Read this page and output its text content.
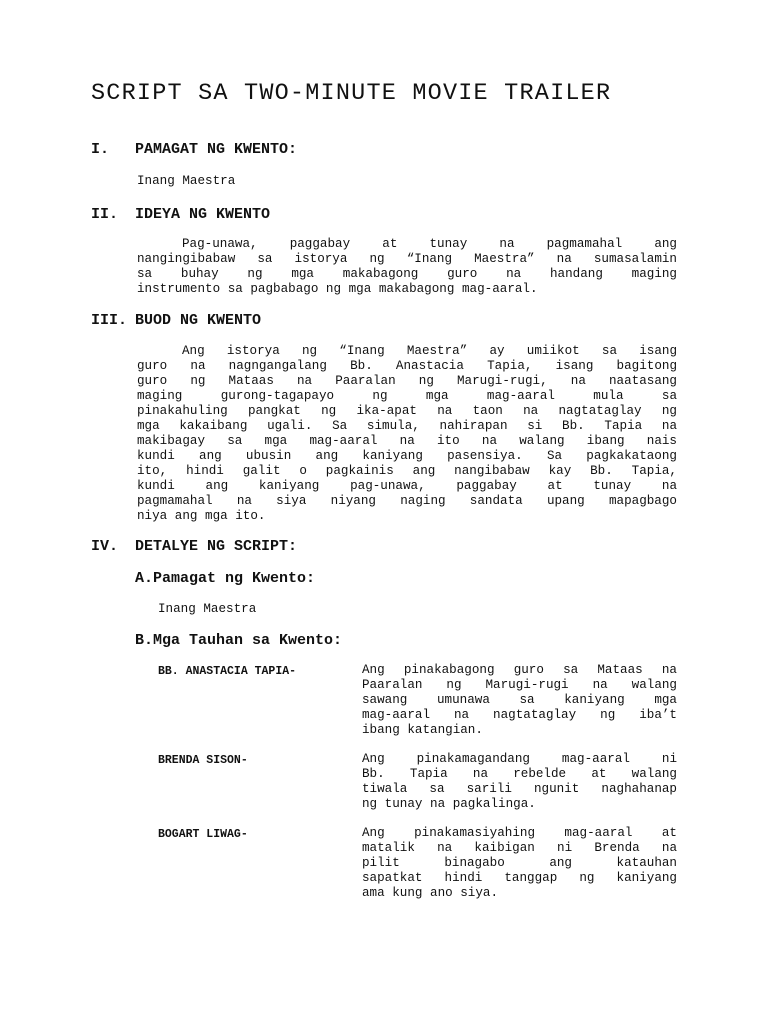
SCRIPT SA TWO-MINUTE MOVIE TRAILER
I. PAMAGAT NG KWENTO:
Inang Maestra
II. IDEYA NG KWENTO
Pag-unawa, paggabay at tunay na pagmamahal ang
nangingibabaw sa istorya ng “Inang Maestra” na sumasalamin
sa buhay ng mga makabagong guro na handang maging
instrumento sa pagbabago ng mga makabagong mag-aaral.
III. BUOD NG KWENTO
Ang istorya ng “Inang Maestra” ay umiikot sa isang
guro na nagngangalang Bb. Anastacia Tapia, isang bagitong
guro ng Mataas na Paaralan ng Marugi-rugi, na naatasang
maging gurong-tagapayo ng mga mag-aaral mula sa
pinakahuling pangkat ng ika-apat na taon na nagtataglay ng
mga kakaibang ugali. Sa simula, nahirapan si Bb. Tapia na
makibagay sa mga mag-aaral na ito na walang ibang nais
kundi ang ubusin ang kaniyang pasensiya. Sa pagkakataong
ito, hindi galit o pagkainis ang nangibabaw kay Bb. Tapia,
kundi ang kaniyang pag-unawa, paggabay at tunay na
pagmamahal na siya niyang naging sandata upang mapagbago
niya ang mga ito.
IV. DETALYE NG SCRIPT:
A.Pamagat ng Kwento:
Inang Maestra
B.Mga Tauhan sa Kwento:
BB. ANASTACIA TAPIA-	Ang pinakabagong guro sa Mataas na
Paaralan ng Marugi-rugi na walang
sawang umunawa sa kaniyang mga
mag-aaral na nagtataglay ng iba’t
ibang katangian.
BRENDA SISON-	Ang pinakamagandang mag-aaral ni
Bb. Tapia na rebelde at walang
tiwala sa sarili ngunit naghahanap
ng tunay na pagkalinga.
BOGART LIWAG-	Ang pinakamasiyahing mag-aaral at
matalik na kaibigan ni Brenda na
pilit binagabo ang katauhan
sapatkat hindi tanggap ng kaniyang
ama kung ano siya.
